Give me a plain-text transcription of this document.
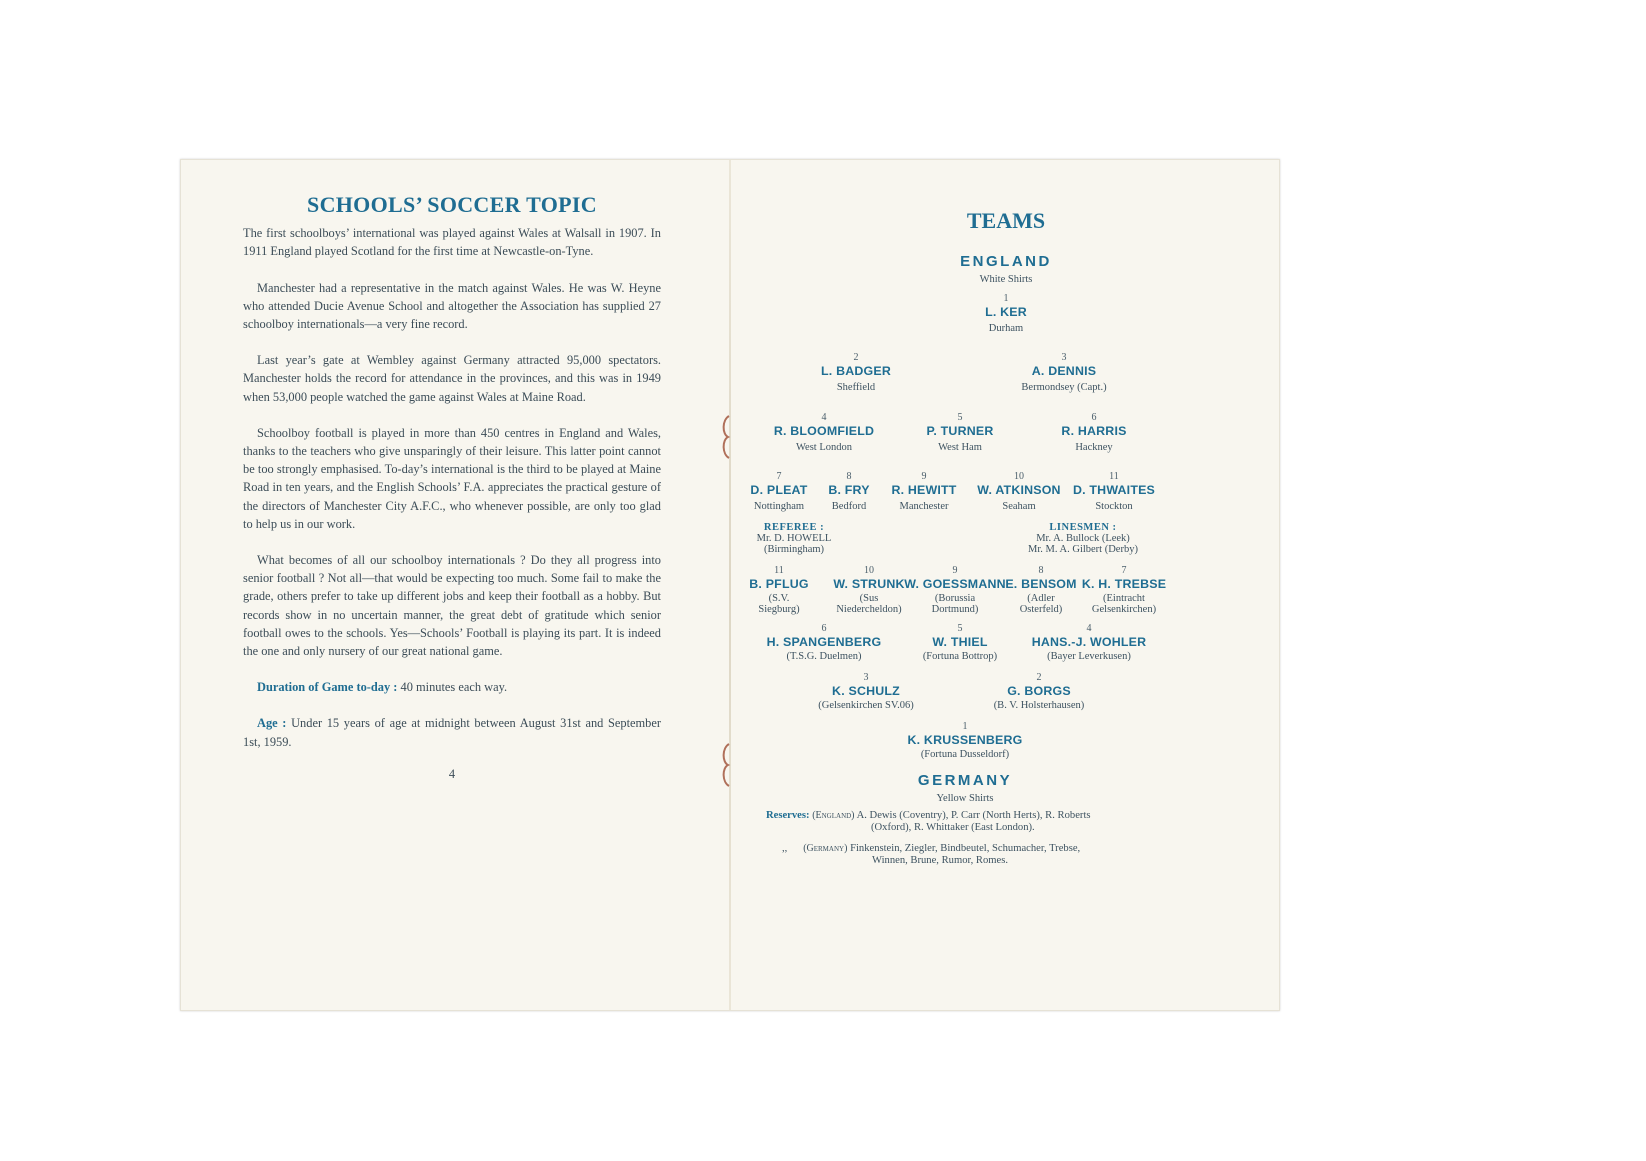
SCHOOLS’ SOCCER TOPIC

The first schoolboys’ international was played against Wales at Walsall in 1907. In 1911 England played Scotland for the first time at Newcastle-on-Tyne.

Manchester had a representative in the match against Wales. He was W. Heyne who attended Ducie Avenue School and altogether the Association has supplied 27 schoolboy internationals—a very fine record.

Last year’s gate at Wembley against Germany attracted 95,000 spectators. Manchester holds the record for attendance in the provinces, and this was in 1949 when 53,000 people watched the game against Wales at Maine Road.

Schoolboy football is played in more than 450 centres in England and Wales, thanks to the teachers who give unsparingly of their leisure. This latter point cannot be too strongly emphasised. To-day’s international is the third to be played at Maine Road in ten years, and the English Schools’ F.A. appreciates the practical gesture of the directors of Manchester City A.F.C., who whenever possible, are only too glad to help us in our work.

What becomes of all our schoolboy internationals ? Do they all progress into senior football ? Not all—that would be expecting too much. Some fail to make the grade, others prefer to take up different jobs and keep their football as a hobby. But records show in no uncertain manner, the great debt of gratitude which senior football owes to the schools. Yes—Schools’ Football is playing its part. It is indeed the one and only nursery of our great national game.

Duration of Game to-day : 40 minutes each way.

Age : Under 15 years of age at midnight between August 31st and September 1st, 1959.

4
TEAMS
ENGLAND
White Shirts
1
L. KER
Durham
2
L. BADGER
Sheffield
3
A. DENNIS
Bermondsey (Capt.)
4
R. BLOOMFIELD
West London
5
P. TURNER
West Ham
6
R. HARRIS
Hackney
7
D. PLEAT
Nottingham
8
B. FRY
Bedford
9
R. HEWITT
Manchester
10
W. ATKINSON
Seaham
11
D. THWAITES
Stockton
REFEREE :
Mr. D. HOWELL
(Birmingham)
LINESMEN :
Mr. A. Bullock (Leek)
Mr. M. A. Gilbert (Derby)
11
B. PFLUG
(S.V.
Siegburg)
10
W. STRUNK
(Sus
Niedercheldon)
9
W. GOESSMANN
(Borussia
Dortmund)
8
E. BENSOM
(Adler
Osterfeld)
7
K. H. TREBSE
(Eintracht
Gelsenkirchen)
6
H. SPANGENBERG
(T.S.G. Duelmen)
5
W. THIEL
(Fortuna Bottrop)
4
HANS.-J. WOHLER
(Bayer Leverkusen)
3
K. SCHULZ
(Gelsenkirchen SV.06)
2
G. BORGS
(B. V. Holsterhausen)
1
K. KRUSSENBERG
(Fortuna Dusseldorf)
GERMANY
Yellow Shirts
Reserves: (England) A. Dewis (Coventry), P. Carr (North Herts), R. Roberts
(Oxford), R. Whittaker (East London).
,, (Germany) Finkenstein, Ziegler, Bindbeutel, Schumacher, Trebse,
Winnen, Brune, Rumor, Romes.
